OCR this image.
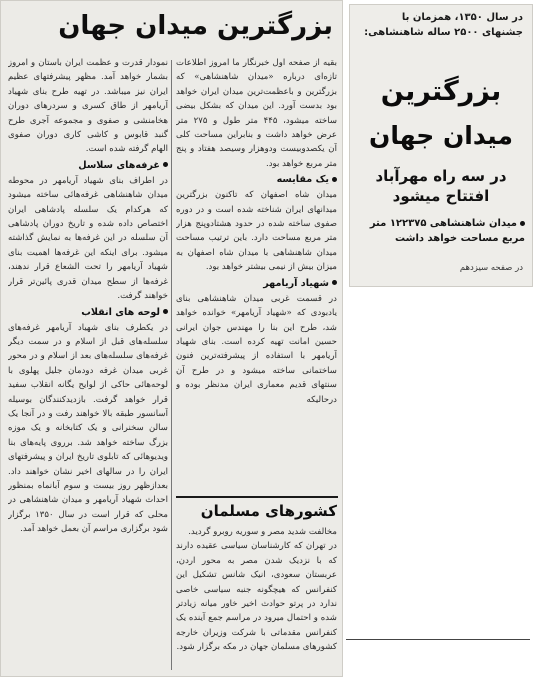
بزرگترین میدان جهان

بقیه از صفحه اول خبرنگار ما امروز اطلاعات تازه‌ای درباره «میدان شاهنشاهی» که بزرگترین و باعظمت‌ترین میدان ایران خواهد بود بدست آورد. این میدان که بشکل بیضی ساخته میشود، ۴۴۵ متر طول و ۲۷۵ متر عرض خواهد داشت و بنابراین مساحت کلی آن یکصدوبیست ودوهزار وسیصد هفتاد و پنج متر مربع خواهد بود.

یک مقایسه

میدان شاه اصفهان که تاکنون بزرگترین میدانهای ایران شناخته شده است و در دوره صفوی ساخته شده در حدود هشتادوپنج هزار متر مربع مساحت دارد. باین ترتیب مساحت میدان شاهنشاهی با میدان شاه اصفهان به میزان بیش از نیمی بیشتر خواهد بود.

شهیاد آریامهر

در قسمت غربی میدان شاهنشاهی بنای یادبودی که «شهیاد آریامهر» خوانده خواهد شد، طرح این بنا را مهندس جوان ایرانی حسین امانت تهیه کرده است. بنای شهیاد آریامهر با استفاده از پیشرفته‌ترین فنون ساختمانی ساخته میشود و در طرح آن سنتهای قدیم معماری ایران مدنظر بوده و درحالیکه

نمودار قدرت و عظمت ایران باستان و امروز بشمار خواهد آمد. مظهر پیشرفتهای عظیم ایران نیز میباشد. در تهیه طرح بنای شهیاد آریامهر از طاق کسری و سردرهای دوران هخامنشی و صفوی و مجموعه آجری طرح گنبد قابوس و کاشی کاری دوران صفوی الهام گرفته شده است.

غرفه‌های سلاسل

در اطراف بنای شهیاد آریامهر در محوطه میدان شاهنشاهی غرفه‌هائی ساخته میشود که هرکدام یک سلسله پادشاهی ایران اختصاص داده شده و تاریخ دوران پادشاهی آن سلسله در این غرفه‌ها به نمایش گذاشته میشود. برای اینکه این غرفه‌ها اهمیت بنای شهیاد آریامهر را تحت الشعاع قرار ندهند، غرفه‌ها از سطح میدان قدری پائین‌تر قرار خواهند گرفت.

لوحه های انقلاب

در یکطرف بنای شهیاد آریامهر غرفه‌های سلسله‌های قبل از اسلام و در سمت دیگر غرفه‌های سلسله‌های بعد از اسلام و در محور غربی میدان غرفه دودمان جلیل پهلوی با لوحه‌هائی حاکی از لوایح یگانه انقلاب سفید قرار خواهد گرفت. بازدیدکنندگان بوسیله آسانسور طبقه بالا خواهند رفت و در آنجا یک سالن سخنرانی و یک کتابخانه و یک موزه بزرگ ساخته خواهد شد. برروی پایه‌های بنا ویدیوهائی که تابلوی تاریخ ایران و پیشرفتهای ایران را در سالهای اخیر نشان خواهند داد. بعدازظهر روز بیست و سوم آبانماه بمنظور احداث شهیاد آریامهر و میدان شاهنشاهی در محلی که قرار است در سال ۱۳۵۰ برگزار شود برگزاری مراسم آن بعمل خواهد آمد.

کشورهای مسلمان

مخالفت شدید مصر و سوریه روبرو گردید.

در تهران که کارشناسان سیاسی عقیده دارند که با نزدیک شدن مصر به محور اردن، عربستان سعودی، انیک شانس تشکیل این کنفرانس که هیچگونه جنبه سیاسی خاصی ندارد در پرتو حوادث اخیر خاور میانه زیادتر شده و احتمال میرود در مراسم جمع آینده یک کنفرانس مقدماتی با شرکت وزیران خارجه کشورهای مسلمان جهان در مکه برگزار شود.

در سال ۱۳۵۰، همزمان با جشنهای ۲۵۰۰ ساله شاهنشاهی:
بزرگترین
میدان جهان
در سه راه مهرآباد افتتاح میشود
میدان شاهنشاهی ۱۲۲۳۷۵ متر مربع مساحت خواهد داشت
در صفحه سیزدهم
